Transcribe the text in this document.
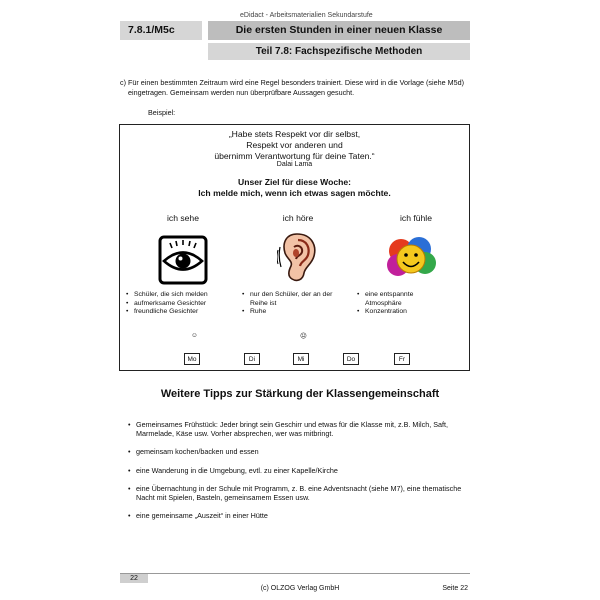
eDidact - Arbeitsmaterialien Sekundarstufe
7.8.1/M5c	Die ersten Stunden in einer neuen Klasse
Teil 7.8: Fachspezifische Methoden
c) Für einen bestimmten Zeitraum wird eine Regel besonders trainiert. Diese wird in die Vorlage (siehe M5d) eingetragen. Gemeinsam werden nun überprüfbare Aussagen gesucht.
Beispiel:
„Habe stets Respekt vor dir selbst,
Respekt vor anderen und
übernimm Verantwortung für deine Taten.“
Dalai Lama
Unser Ziel für diese Woche:
Ich melde mich, wenn ich etwas sagen möchte.
ich sehe	ich höre	ich fühle
• Schüler, die sich melden
• aufmerksame Gesichter
• freundliche Gesichter
• nur den Schüler, der an der Reihe ist
• Ruhe
• eine entspannte Atmosphäre
• Konzentration
☺	☹
Mo	Di	Mi	Do	Fr
Weitere Tipps zur Stärkung der Klassengemeinschaft
• Gemeinsames Frühstück: Jeder bringt sein Geschirr und etwas für die Klasse mit, z.B. Milch, Saft, Marmelade, Käse usw. Vorher absprechen, wer was mitbringt.
• gemeinsam kochen/backen und essen
• eine Wanderung in die Umgebung, evtl. zu einer Kapelle/Kirche
• eine Übernachtung in der Schule mit Programm, z. B. eine Adventsnacht (siehe M7), eine thematische Nacht mit Spielen, Basteln, gemeinsamem Essen usw.
• eine gemeinsame „Auszeit“ in einer Hütte
22
(c) OLZOG Verlag GmbH	Seite 22
